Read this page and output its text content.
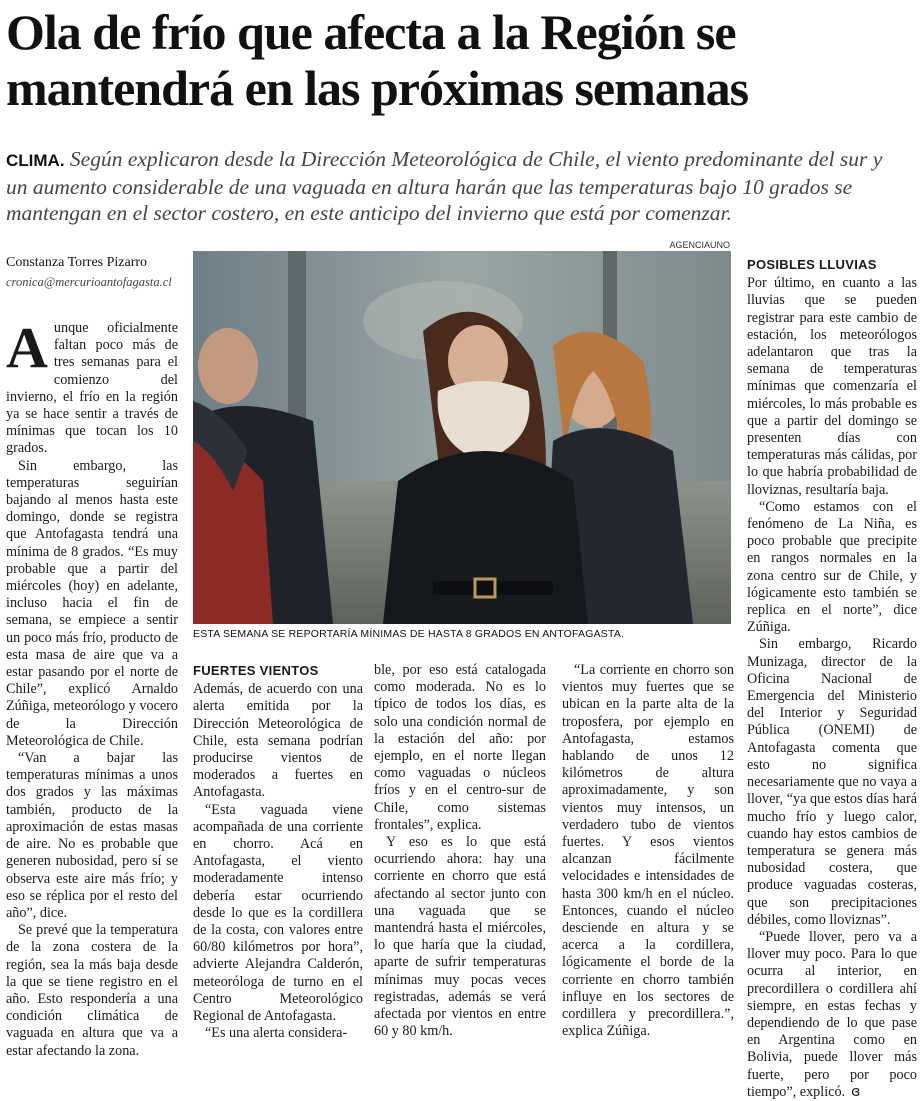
Ola de frío que afecta a la Región se mantendrá en las próximas semanas
CLIMA. Según explicaron desde la Dirección Meteorológica de Chile, el viento predominante del sur y un aumento considerable de una vaguada en altura harán que las temperaturas bajo 10 grados se mantengan en el sector costero, en este anticipo del invierno que está por comenzar.
Constanza Torres Pizarro
cronica@mercurioantofagasta.cl

Aunque oficialmente faltan poco más de tres semanas para el comienzo del invierno, el frío en la región ya se hace sentir a través de mínimas que tocan los 10 grados.

Sin embargo, las temperaturas seguirían bajando al menos hasta este domingo, donde se registra que Antofagasta tendrá una mínima de 8 grados. “Es muy probable que a partir del miércoles (hoy) en adelante, incluso hacia el fin de semana, se empiece a sentir un poco más frío, producto de esta masa de aire que va a estar pasando por el norte de Chile”, explicó Arnaldo Zúñiga, meteorólogo y vocero de la Dirección Meteorológica de Chile.

“Van a bajar las temperaturas mínimas a unos dos grados y las máximas también, producto de la aproximación de estas masas de aire. No es probable que generen nubosidad, pero sí se observa este aire más frío; y eso se réplica por el resto del año”, dice.

Se prevé que la temperatura de la zona costera de la región, sea la más baja desde la que se tiene registro en el año. Esto respondería a una condición climática de vaguada en altura que va a estar afectando la zona.

AGENCIAUNO
ESTA SEMANA SE REPORTARÍA MÍNIMAS DE HASTA 8 GRADOS EN ANTOFAGASTA.

FUERTES VIENTOS

Además, de acuerdo con una alerta emitida por la Dirección Meteorológica de Chile, esta semana podrían producirse vientos de moderados a fuertes en Antofagasta.

“Esta vaguada viene acompañada de una corriente en chorro. Acá en Antofagasta, el viento moderadamente intenso debería estar ocurriendo desde lo que es la cordillera de la costa, con valores entre 60/80 kilómetros por hora”, advierte Alejandra Calderón, meteoróloga de turno en el Centro Meteorológico Regional de Antofagasta.

“Es una alerta considera-

ble, por eso está catalogada como moderada. No es lo típico de todos los días, es solo una condición normal de la estación del año: por ejemplo, en el norte llegan como vaguadas o núcleos fríos y en el centro-sur de Chile, como sistemas frontales”, explica.

Y eso es lo que está ocurriendo ahora: hay una corriente en chorro que está afectando al sector junto con una vaguada que se mantendrá hasta el miércoles, lo que haría que la ciudad, aparte de sufrir temperaturas mínimas muy pocas veces registradas, además se verá afectada por vientos en entre 60 y 80 km/h.

“La corriente en chorro son vientos muy fuertes que se ubican en la parte alta de la troposfera, por ejemplo en Antofagasta, estamos hablando de unos 12 kilómetros de altura aproximadamente, y son vientos muy intensos, un verdadero tubo de vientos fuertes. Y esos vientos alcanzan fácilmente velocidades e intensidades de hasta 300 km/h en el núcleo. Entonces, cuando el núcleo desciende en altura y se acerca a la cordillera, lógicamente el borde de la corriente en chorro también influye en los sectores de cordillera y precordillera.”, explica Zúñiga.

POSIBLES LLUVIAS

Por último, en cuanto a las lluvias que se pueden registrar para este cambio de estación, los meteorólogos adelantaron que tras la semana de temperaturas mínimas que comenzaría el miércoles, lo más probable es que a partir del domingo se presenten días con temperaturas más cálidas, por lo que habría probabilidad de lloviznas, resultaría baja.

“Como estamos con el fenómeno de La Niña, es poco probable que precipite en rangos normales en la zona centro sur de Chile, y lógicamente esto también se replica en el norte”, dice Zúñiga.

Sin embargo, Ricardo Munizaga, director de la Oficina Nacional de Emergencia del Ministerio del Interior y Seguridad Pública (ONEMI) de Antofagasta comenta que esto no significa necesariamente que no vaya a llover, “ya que estos días hará mucho frío y luego calor, cuando hay estos cambios de temperatura se genera más nubosidad costera, que produce vaguadas costeras, que son precipitaciones débiles, como lloviznas”.

“Puede llover, pero va a llover muy poco. Para lo que ocurra al interior, en precordillera o cordillera ahí siempre, en estas fechas y dependiendo de lo que pase en Argentina como en Bolivia, puede llover más fuerte, pero por poco tiempo”, explicó. ɞ
